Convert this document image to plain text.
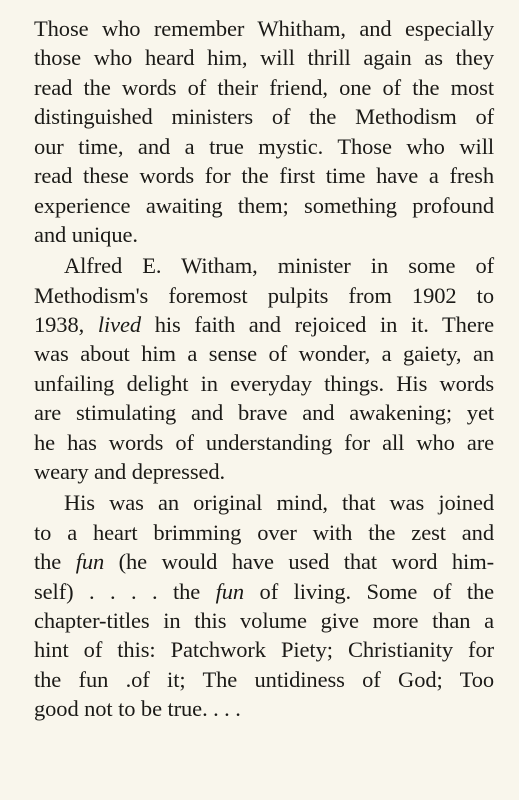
Those who remember Whitham, and especially
those who heard him, will thrill again as they
read the words of their friend, one of the most
distinguished ministers of the Methodism of
our time, and a true mystic. Those who will
read these words for the first time have a fresh
experience awaiting them; something profound
and unique.
Alfred E. Witham, minister in some of
Methodism's foremost pulpits from 1902 to
1938, lived his faith and rejoiced in it. There
was about him a sense of wonder, a gaiety, an
unfailing delight in everyday things. His words
are stimulating and brave and awakening; yet
he has words of understanding for all who are
weary and depressed.
His was an original mind, that was joined
to a heart brimming over with the zest and
the fun (he would have used that word him-
self) . . . . the fun of living. Some of the
chapter-titles in this volume give more than a
hint of this: Patchwork Piety; Christianity for
the fun .of it; The untidiness of God; Too
good not to be true. . . .
